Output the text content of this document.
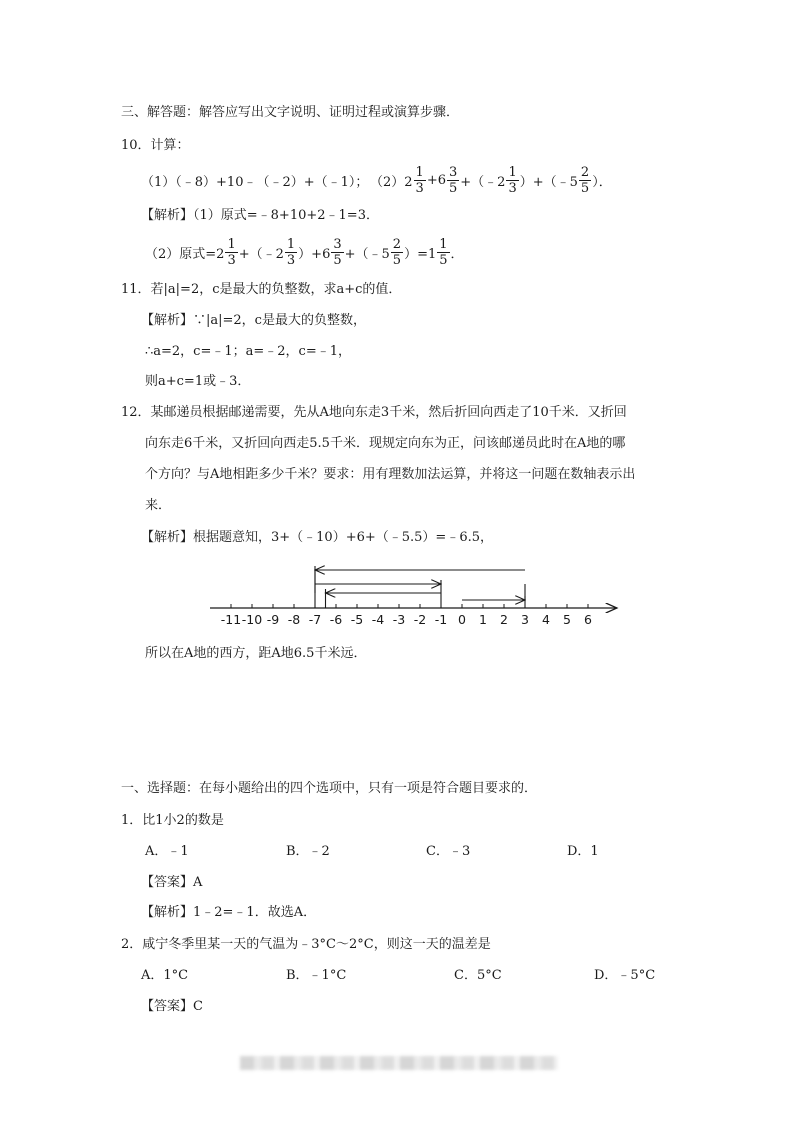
三、解答题：解答应写出文字说明、证明过程或演算步骤．
10．计算：
（1）（﹣8）+10﹣（﹣2）+（﹣1）； $(2)2 \frac{1}{3} +6 \frac{3}{5}$ +（﹣2 $\frac{1}{3}$ ）+（﹣5 $\frac{2}{5}$ ）．
【解析】（1）原式=﹣8+10+2﹣1=3．
（2）原式$=2 \frac{1}{3}$ +（﹣2 $\frac{1}{3} )+6 \frac{3}{5}$ +（﹣5 $\frac{2}{5} )=1 \frac{1}{5}$ ．
11．若|a|=2，c是最大的负整数，求a+c的值．
【解析】∵|a|=2，c是最大的负整数，
∴a=2，c=﹣1；a=﹣2，c=﹣1，
则a+c=1或﹣3．
12．某邮递员根据邮递需要，先从A地向东走3千米，然后折回向西走了10千米．又折回
向东走6千米，又折回向西走5.5千米．现规定向东为正，问该邮递员此时在A地的哪
个方向？与A地相距多少千米？要求：用有理数加法运算，并将这一问题在数轴表示出
来．
【解析】根据题意知，3+（﹣10）+6+（﹣5.5）=﹣6.5，
-11 -10 -9 -8 -7 -6 -5 -4 -3 -2 -1 0 1 2 3 4 5 6
所以在A地的西方，距A地6.5千米远．
一、选择题：在每小题给出的四个选项中，只有一项是符合题目要求的．
1．比1小2的数是
A．﹣1	B．﹣2	C．﹣3	D．1
【答案】A
【解析】1﹣2=﹣1．故选A．
2．咸宁冬季里某一天的气温为﹣3°C～2°C，则这一天的温差是
A．1°C	B．﹣1°C	C．5°C	D．﹣5°C
【答案】C
